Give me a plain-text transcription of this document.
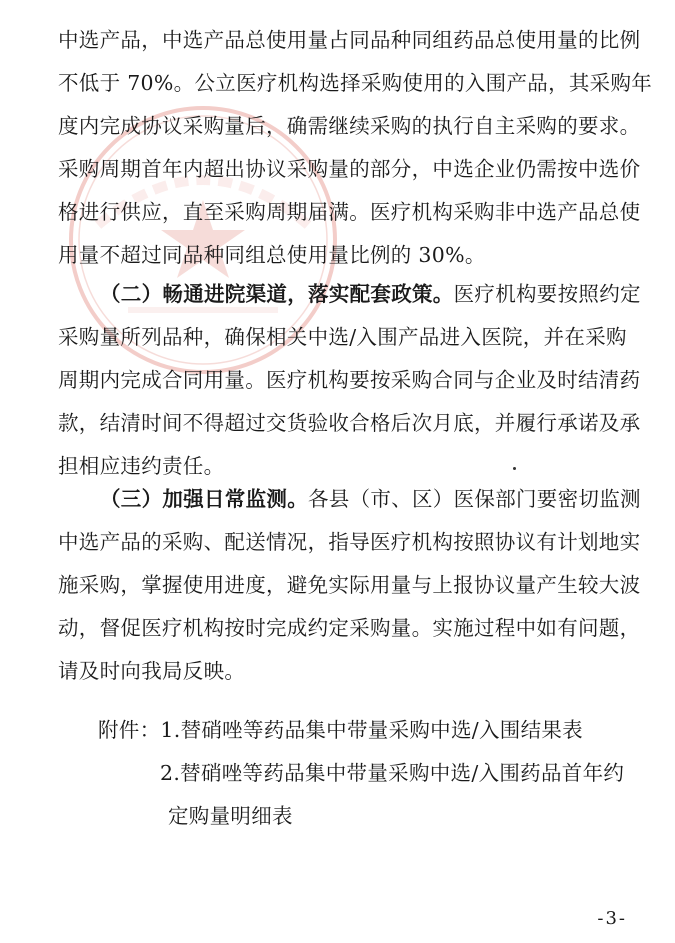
中选产品，中选产品总使用量占同品种同组药品总使用量的比例
不低于 70%。公立医疗机构选择采购使用的入围产品，其采购年
度内完成协议采购量后，确需继续采购的执行自主采购的要求。
采购周期首年内超出协议采购量的部分，中选企业仍需按中选价
格进行供应，直至采购周期届满。医疗机构采购非中选产品总使
用量不超过同品种同组总使用量比例的 30%。
（二）畅通进院渠道，落实配套政策。医疗机构要按照约定
采购量所列品种，确保相关中选/入围产品进入医院，并在采购
周期内完成合同用量。医疗机构要按采购合同与企业及时结清药
款，结清时间不得超过交货验收合格后次月底，并履行承诺及承
担相应违约责任。
（三）加强日常监测。各县（市、区）医保部门要密切监测
中选产品的采购、配送情况，指导医疗机构按照协议有计划地实
施采购，掌握使用进度，避免实际用量与上报协议量产生较大波
动，督促医疗机构按时完成约定采购量。实施过程中如有问题，
请及时向我局反映。
附件：1.替硝唑等药品集中带量采购中选/入围结果表
2.替硝唑等药品集中带量采购中选/入围药品首年约
定购量明细表
-3-
